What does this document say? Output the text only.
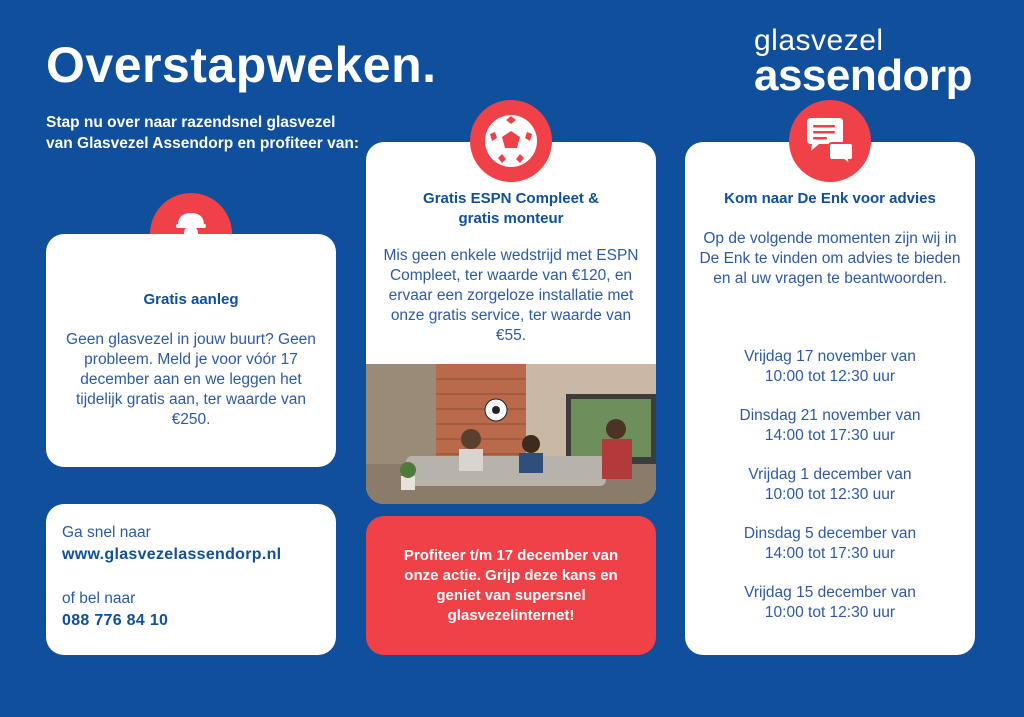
Overstapweken.

Stap nu over naar razendsnel glasvezel van Glasvezel Assendorp en profiteer van:

glasvezel
assendorp
Gratis aanleg

Geen glasvezel in jouw buurt? Geen probleem. Meld je voor vóór 17 december aan en we leggen het tijdelijk gratis aan, ter waarde van €250.

Ga snel naar
www.glasvezelassendorp.nl
of bel naar
088 776 84 10
Gratis ESPN Compleet &
gratis monteur

Mis geen enkele wedstrijd met ESPN Compleet, ter waarde van €120, en ervaar een zorgeloze installatie met onze gratis service, ter waarde van €55.

Profiteer t/m 17 december van onze actie. Grijp deze kans en geniet van supersnel glasvezelinternet!

Kom naar De Enk voor advies

Op de volgende momenten zijn wij in De Enk te vinden om advies te bieden en al uw vragen te beantwoorden.

Vrijdag 17 november van
10:00 tot 12:30 uur
Dinsdag 21 november van
14:00 tot 17:30 uur
Vrijdag 1 december van
10:00 tot 12:30 uur
Dinsdag 5 december van
14:00 tot 17:30 uur
Vrijdag 15 december van
10:00 tot 12:30 uur
